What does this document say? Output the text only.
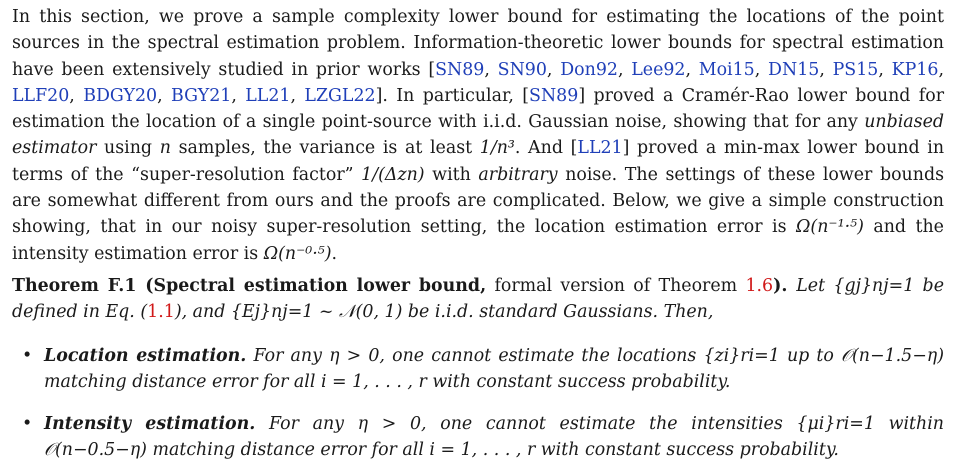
In this section, we prove a sample complexity lower bound for estimating the locations of the point sources in the spectral estimation problem. Information-theoretic lower bounds for spectral estimation have been extensively studied in prior works [SN89, SN90, Don92, Lee92, Moi15, DN15, PS15, KP16, LLF20, BDGY20, BGY21, LL21, LZGL22]. In particular, [SN89] proved a Cramér-Rao lower bound for estimation the location of a single point-source with i.i.d. Gaussian noise, showing that for any unbiased estimator using n samples, the variance is at least 1/n³. And [LL21] proved a min-max lower bound in terms of the “super-resolution factor” 1/(Δzn) with arbitrary noise. The settings of these lower bounds are somewhat different from ours and the proofs are complicated. Below, we give a simple construction showing, that in our noisy super-resolution setting, the location estimation error is Ω(n⁻¹·⁵) and the intensity estimation error is Ω(n⁻⁰·⁵).

Theorem F.1 (Spectral estimation lower bound, formal version of Theorem 1.6). Let {gj}nj=1 be defined in Eq. (1.1), and {Ej}nj=1 ~ 𝒩(0, 1) be i.i.d. standard Gaussians. Then,

• Location estimation. For any η > 0, one cannot estimate the locations {zi}ri=1 up to 𝒪(n−1.5−η) matching distance error for all i = 1, . . . , r with constant success probability.
• Intensity estimation. For any η > 0, one cannot estimate the intensities {μi}ri=1 within 𝒪(n−0.5−η) matching distance error for all i = 1, . . . , r with constant success probability.
